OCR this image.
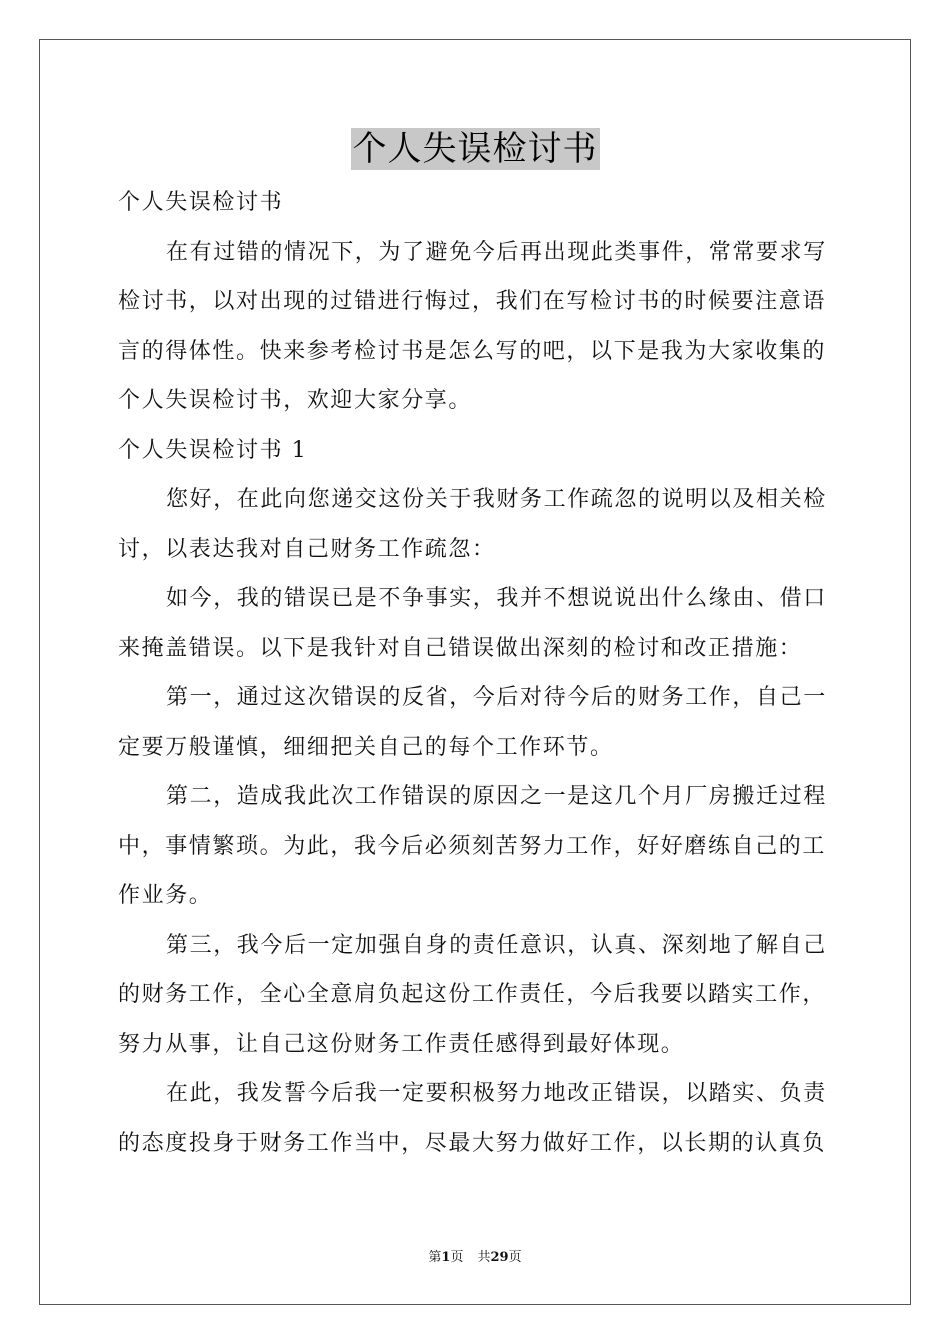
个人失误检讨书
个人失误检讨书
在有过错的情况下，为了避免今后再出现此类事件，常常要求写
检讨书，以对出现的过错进行悔过，我们在写检讨书的时候要注意语
言的得体性。快来参考检讨书是怎么写的吧，以下是我为大家收集的
个人失误检讨书，欢迎大家分享。
个人失误检讨书 1
您好，在此向您递交这份关于我财务工作疏忽的说明以及相关检
讨，以表达我对自己财务工作疏忽：
如今，我的错误已是不争事实，我并不想说说出什么缘由、借口
来掩盖错误。以下是我针对自己错误做出深刻的检讨和改正措施：
第一，通过这次错误的反省，今后对待今后的财务工作，自己一
定要万般谨慎，细细把关自己的每个工作环节。
第二，造成我此次工作错误的原因之一是这几个月厂房搬迁过程
中，事情繁琐。为此，我今后必须刻苦努力工作，好好磨练自己的工
作业务。
第三，我今后一定加强自身的责任意识，认真、深刻地了解自己
的财务工作，全心全意肩负起这份工作责任，今后我要以踏实工作，
努力从事，让自己这份财务工作责任感得到最好体现。
在此，我发誓今后我一定要积极努力地改正错误，以踏实、负责
的态度投身于财务工作当中，尽最大努力做好工作，以长期的认真负
第1页 共29页
